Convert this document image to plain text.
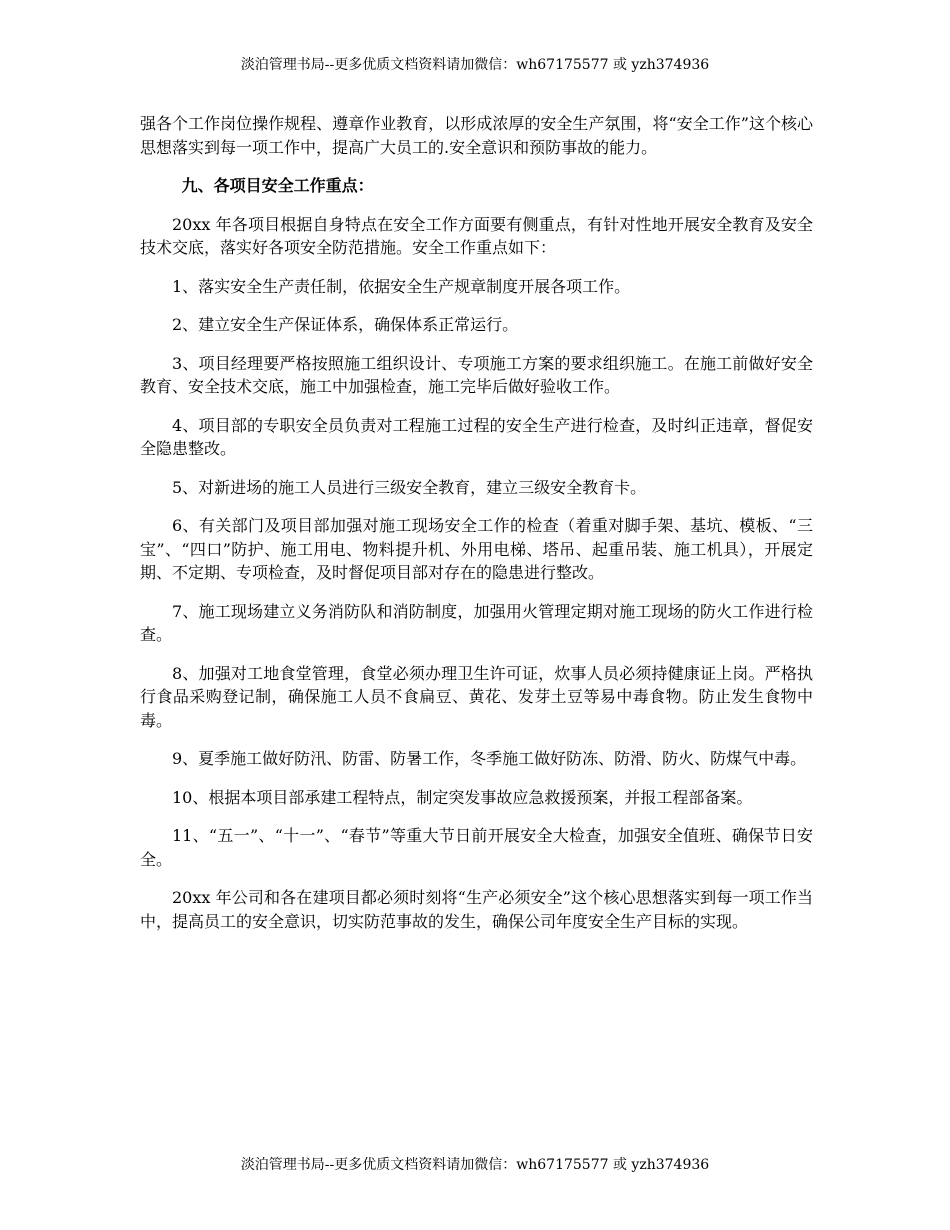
淡泊管理书局--更多优质文档资料请加微信：wh67175577 或 yzh374936

强各个工作岗位操作规程、遵章作业教育，以形成浓厚的安全生产氛围，将“安全工作”这个核心思想落实到每一项工作中，提高广大员工的.安全意识和预防事故的能力。

九、各项目安全工作重点：

20xx 年各项目根据自身特点在安全工作方面要有侧重点，有针对性地开展安全教育及安全技术交底，落实好各项安全防范措施。安全工作重点如下：

1、落实安全生产责任制，依据安全生产规章制度开展各项工作。

2、建立安全生产保证体系，确保体系正常运行。

3、项目经理要严格按照施工组织设计、专项施工方案的要求组织施工。在施工前做好安全教育、安全技术交底，施工中加强检查，施工完毕后做好验收工作。

4、项目部的专职安全员负责对工程施工过程的安全生产进行检查，及时纠正违章，督促安全隐患整改。

5、对新进场的施工人员进行三级安全教育，建立三级安全教育卡。

6、有关部门及项目部加强对施工现场安全工作的检查（着重对脚手架、基坑、模板、“三宝”、“四口”防护、施工用电、物料提升机、外用电梯、塔吊、起重吊装、施工机具），开展定期、不定期、专项检查，及时督促项目部对存在的隐患进行整改。

7、施工现场建立义务消防队和消防制度，加强用火管理定期对施工现场的防火工作进行检查。

8、加强对工地食堂管理，食堂必须办理卫生许可证，炊事人员必须持健康证上岗。严格执行食品采购登记制，确保施工人员不食扁豆、黄花、发芽土豆等易中毒食物。防止发生食物中毒。

9、夏季施工做好防汛、防雷、防暑工作，冬季施工做好防冻、防滑、防火、防煤气中毒。

10、根据本项目部承建工程特点，制定突发事故应急救援预案，并报工程部备案。

11、“五一”、“十一”、“春节”等重大节日前开展安全大检查，加强安全值班、确保节日安全。

20xx 年公司和各在建项目都必须时刻将“生产必须安全”这个核心思想落实到每一项工作当中，提高员工的安全意识，切实防范事故的发生，确保公司年度安全生产目标的实现。

淡泊管理书局--更多优质文档资料请加微信：wh67175577 或 yzh374936
